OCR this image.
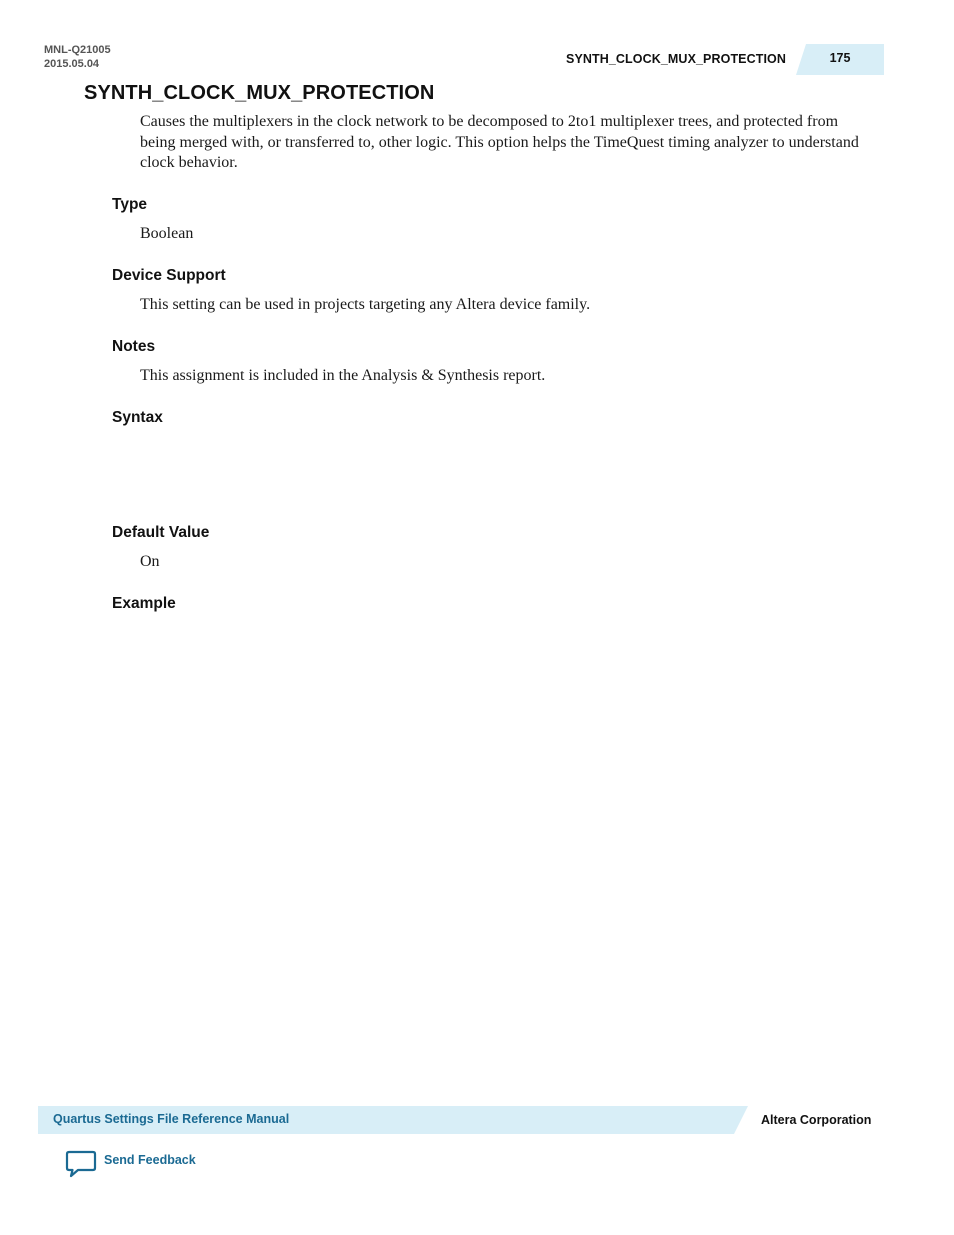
MNL-Q21005
2015.05.04	SYNTH_CLOCK_MUX_PROTECTION	175
SYNTH_CLOCK_MUX_PROTECTION

Causes the multiplexers in the clock network to be decomposed to 2to1 multiplexer trees, and protected from being merged with, or transferred to, other logic. This option helps the TimeQuest timing analyzer to understand clock behavior.

Type

Boolean

Device Support

This setting can be used in projects targeting any Altera device family.

Notes

This assignment is included in the Analysis & Synthesis report.

Syntax
Default Value

On

Example
Quartus Settings File Reference Manual	Altera Corporation
Send Feedback
